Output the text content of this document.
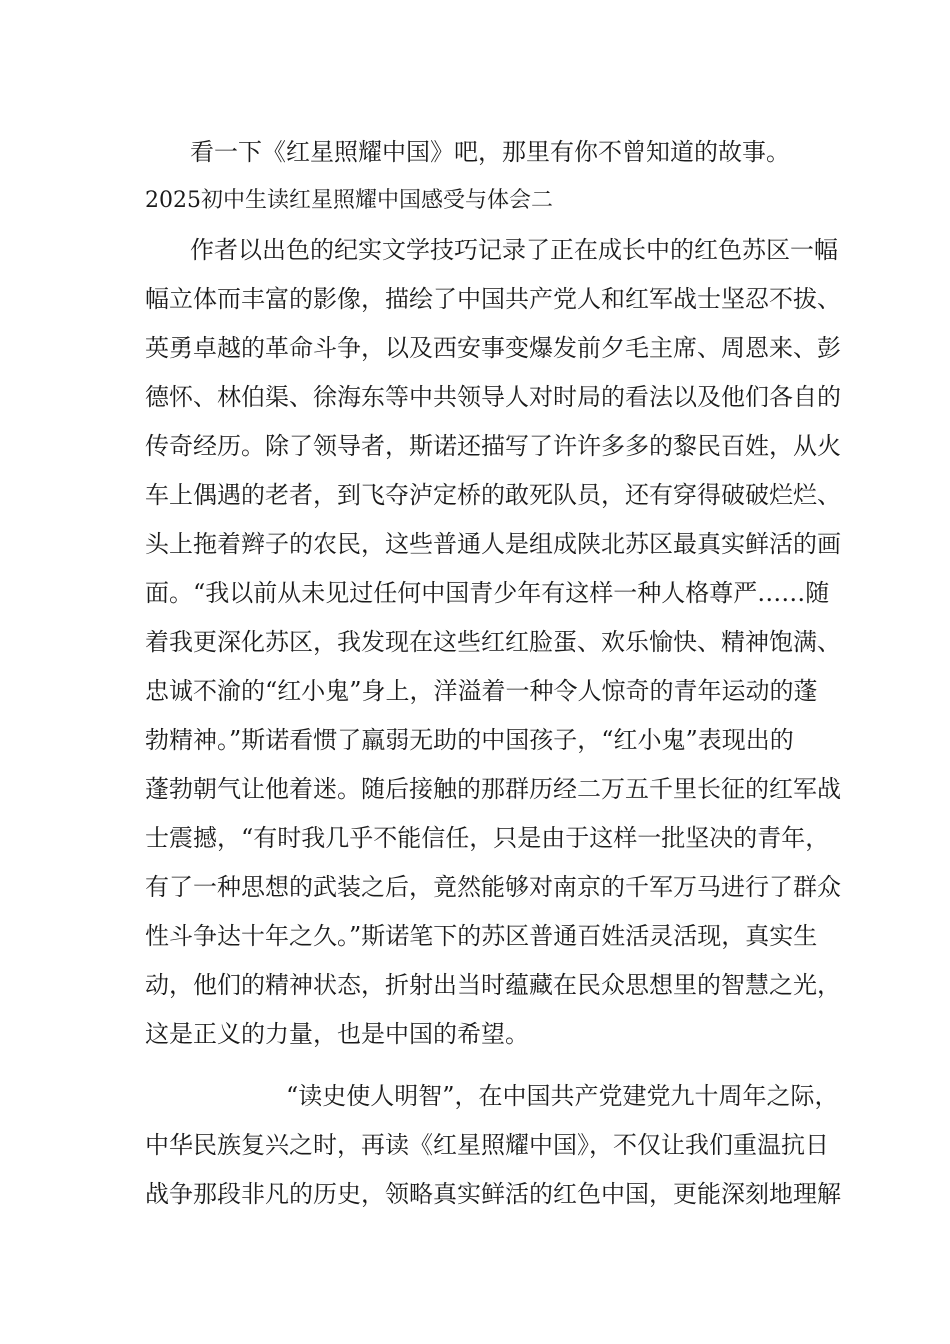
看一下《红星照耀中国》吧，那里有你不曾知道的故事。
2025初中生读红星照耀中国感受与体会二
作者以出色的纪实文学技巧记录了正在成长中的红色苏区一幅
幅立体而丰富的影像，描绘了中国共产党人和红军战士坚忍不拔、
英勇卓越的革命斗争，以及西安事变爆发前夕毛主席、周恩来、彭
德怀、林伯渠、徐海东等中共领导人对时局的看法以及他们各自的
传奇经历。除了领导者，斯诺还描写了许许多多的黎民百姓，从火
车上偶遇的老者，到飞夺泸定桥的敢死队员，还有穿得破破烂烂、
头上拖着辫子的农民，这些普通人是组成陕北苏区最真实鲜活的画
面。“我以前从未见过任何中国青少年有这样一种人格尊严……随
着我更深化苏区，我发现在这些红红脸蛋、欢乐愉快、精神饱满、
忠诚不渝的“红小鬼”身上，洋溢着一种令人惊奇的青年运动的蓬
勃精神。”斯诺看惯了羸弱无助的中国孩子，“红小鬼”表现出的
蓬勃朝气让他着迷。随后接触的那群历经二万五千里长征的红军战
士震撼，“有时我几乎不能信任，只是由于这样一批坚决的青年，
有了一种思想的武装之后，竟然能够对南京的千军万马进行了群众
性斗争达十年之久。”斯诺笔下的苏区普通百姓活灵活现，真实生
动，他们的精神状态，折射出当时蕴藏在民众思想里的智慧之光，
这是正义的力量，也是中国的希望。
“读史使人明智”，在中国共产党建党九十周年之际，
中华民族复兴之时，再读《红星照耀中国》，不仅让我们重温抗日
战争那段非凡的历史，领略真实鲜活的红色中国，更能深刻地理解
